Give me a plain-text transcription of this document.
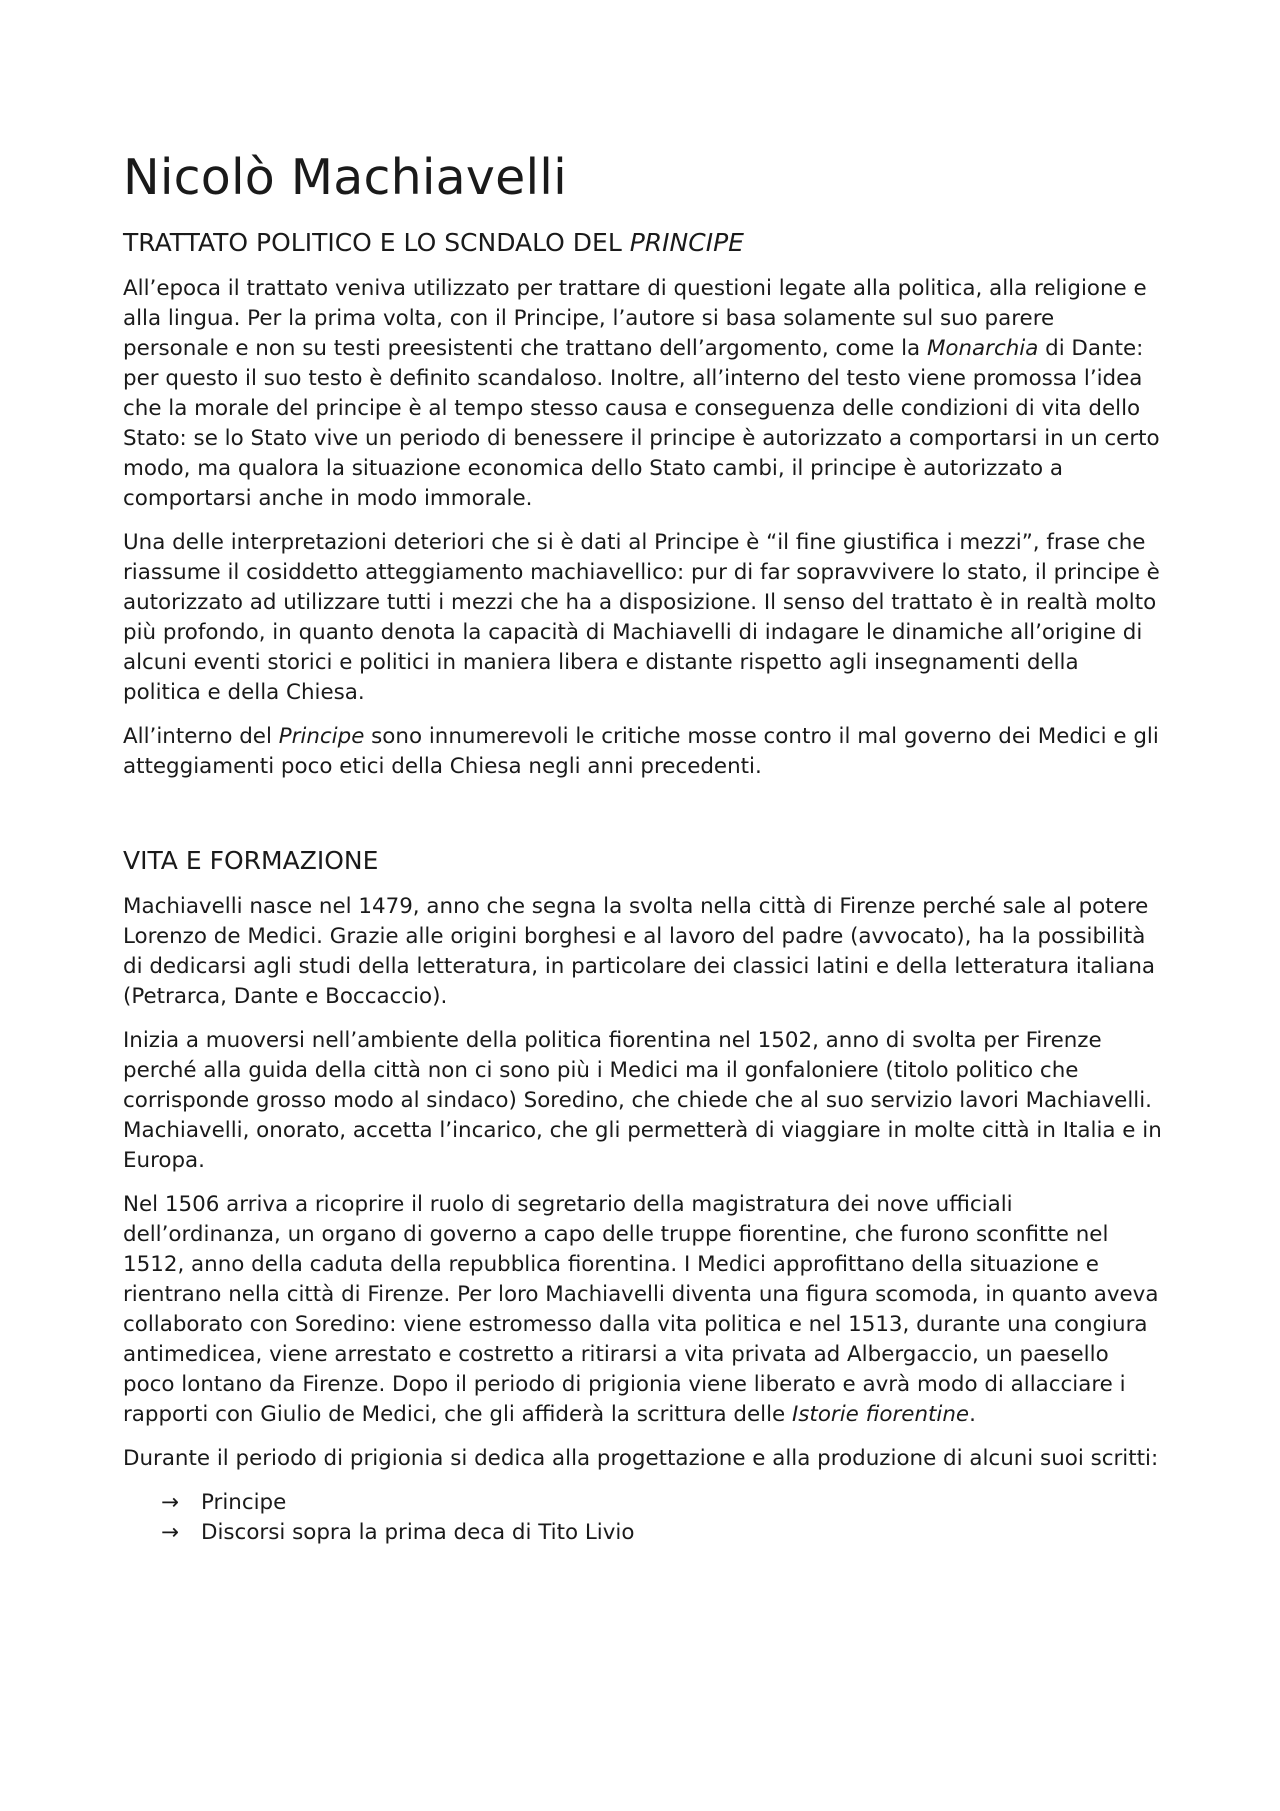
Nicolò Machiavelli
TRATTATO POLITICO E LO SCNDALO DEL PRINCIPE

All’epoca il trattato veniva utilizzato per trattare di questioni legate alla politica, alla religione e alla lingua. Per la prima volta, con il Principe, l’autore si basa solamente sul suo parere personale e non su testi preesistenti che trattano dell’argomento, come la Monarchia di Dante: per questo il suo testo è definito scandaloso. Inoltre, all’interno del testo viene promossa l’idea che la morale del principe è al tempo stesso causa e conseguenza delle condizioni di vita dello Stato: se lo Stato vive un periodo di benessere il principe è autorizzato a comportarsi in un certo modo, ma qualora la situazione economica dello Stato cambi, il principe è autorizzato a comportarsi anche in modo immorale.

Una delle interpretazioni deteriori che si è dati al Principe è “il fine giustifica i mezzi”, frase che riassume il cosiddetto atteggiamento machiavellico: pur di far sopravvivere lo stato, il principe è autorizzato ad utilizzare tutti i mezzi che ha a disposizione. Il senso del trattato è in realtà molto più profondo, in quanto denota la capacità di Machiavelli di indagare le dinamiche all’origine di alcuni eventi storici e politici in maniera libera e distante rispetto agli insegnamenti della politica e della Chiesa.

All’interno del Principe sono innumerevoli le critiche mosse contro il mal governo dei Medici e gli atteggiamenti poco etici della Chiesa negli anni precedenti.

VITA E FORMAZIONE

Machiavelli nasce nel 1479, anno che segna la svolta nella città di Firenze perché sale al potere Lorenzo de Medici. Grazie alle origini borghesi e al lavoro del padre (avvocato), ha la possibilità di dedicarsi agli studi della letteratura, in particolare dei classici latini e della letteratura italiana (Petrarca, Dante e Boccaccio).

Inizia a muoversi nell’ambiente della politica fiorentina nel 1502, anno di svolta per Firenze perché alla guida della città non ci sono più i Medici ma il gonfaloniere (titolo politico che corrisponde grosso modo al sindaco) Soredino, che chiede che al suo servizio lavori Machiavelli. Machiavelli, onorato, accetta l’incarico, che gli permetterà di viaggiare in molte città in Italia e in Europa.

Nel 1506 arriva a ricoprire il ruolo di segretario della magistratura dei nove ufficiali dell’ordinanza, un organo di governo a capo delle truppe fiorentine, che furono sconfitte nel 1512, anno della caduta della repubblica fiorentina. I Medici approfittano della situazione e rientrano nella città di Firenze. Per loro Machiavelli diventa una figura scomoda, in quanto aveva collaborato con Soredino: viene estromesso dalla vita politica e nel 1513, durante una congiura antimedicea, viene arrestato e costretto a ritirarsi a vita privata ad Albergaccio, un paesello poco lontano da Firenze. Dopo il periodo di prigionia viene liberato e avrà modo di allacciare i rapporti con Giulio de Medici, che gli affiderà la scrittura delle Istorie fiorentine.

Durante il periodo di prigionia si dedica alla progettazione e alla produzione di alcuni suoi scritti:

→ Principe
→ Discorsi sopra la prima deca di Tito Livio
